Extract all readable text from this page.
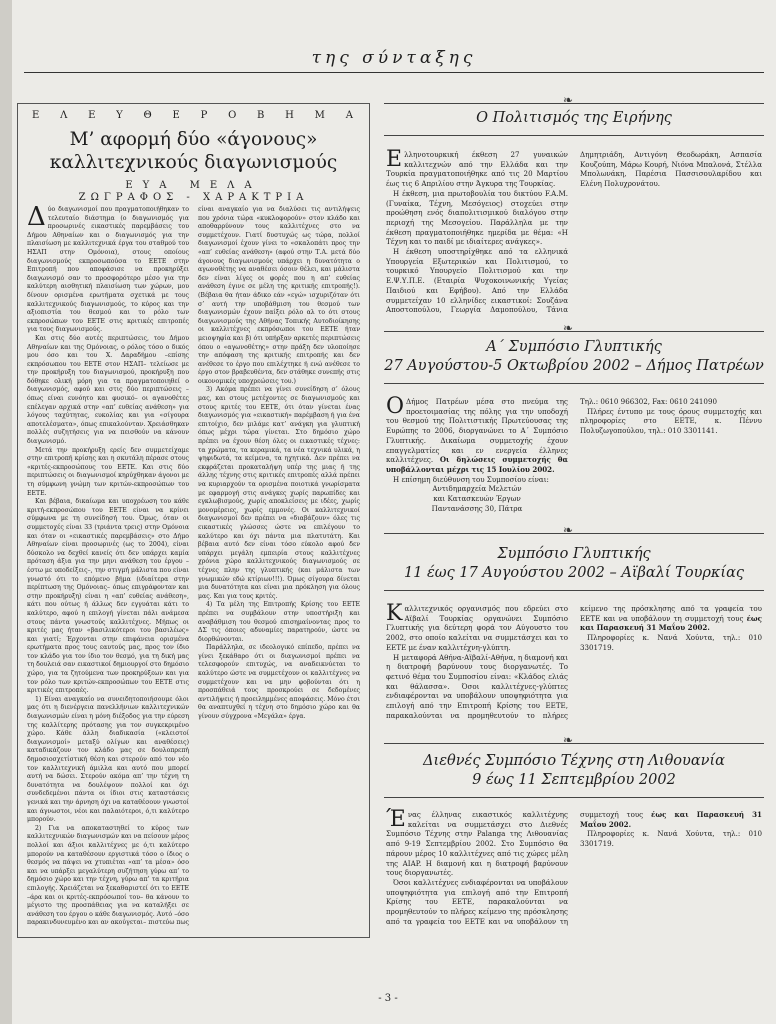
της σύνταξης
Ε Λ Ε Υ Θ Ε Ρ Ο Β Η Μ Α
Μ’ αφορμή δύο «άγονους»
καλλιτεχνικούς διαγωνισμούς
ΕΥΑ ΜΕΛΑ
ΖΩΓΡΑΦΟΣ - ΧΑΡΑΚΤΡΙΑ

Δύο διαγωνισμοί που πραγματοποιήθηκαν το τελευταίο διάστημα (ο διαγωνισμός για προσωρινές εικαστικές παρεμβάσεις του Δήμου Αθηναίων και ο διαγωνισμός για την πλαισίωση με καλλιτεχνικά έργα του σταθμού του ΗΣΑΠ στην Ομόνοια), στους οποίους διαγωνισμούς εκπροσωπούσα το ΕΕΤΕ στην Επιτροπή που αποφάσισε να προκηρύξει διαγωνισμό σαν το προσφορότερο μέσο για την καλύτερη αισθητική πλαισίωση των χώρων, μου δίνουν ορισμένα ερωτήματα σχετικά με τους καλλιτεχνικούς διαγωνισμούς, το κύρος και την αξιοπιστία του θεσμού και το ρόλο των εκπροσώπων του ΕΕΤΕ στις κριτικές επιτροπές για τους διαγωνισμούς.

Και στις δύο αυτές περιπτώσεις, του Δήμου Αθηναίων και της Ομόνοιας, ο ρόλος τόσο ο δικός μου όσο και του Χ. Δαραδήμου –επίσης εκπρόσωπου του ΕΕΤΕ στον ΗΣΑΠ– τελείωσε με την προκήρυξη του διαγωνισμού, προκήρυξη που δόθηκε ολική μόρη για τα πραγματοποιηθεί ο διαγωνισμός, αφού και στις δύο περιπτώσεις –όπως είναι ευνόητο και φυσικό– οι αγανοθέτες επέλεγαν αρχικά στην «απ’ ευθείας ανάθεση» για λόγους ταχύτητας, ευκολίας και για «σίγουρα αποτελέσματα», όπως επικαλούνταν. Χρειάσθηκαν πολλές συζητήσεις για να πεισθούν να κάνουν διαγωνισμό.

Μετά την προκήρυξη ερείς δεν συμμετείχαμε στην επιτροπή κρίσης και η σκυτάλη πέρασε στους «κριτές-εκπροσώπους του ΕΕΤΕ. Και στις δύο περιπτώσεις οι διαγωνισμοί κηρύχθηκαν άγονοι με τη σύμφωνη γνώμη των κριτών-εκπροσώπων του ΕΕΤΕ.

Και βέβαια, δικαίωμα και υποχρέωση του κάθε κριτή-εκπροσώπου του ΕΕΤΕ είναι να κρίνει σύμφωνα με τη συνείδησή του. Όμως, όταν οι συμμετοχές είναι 33 (τριάντα τρεις) στην Ομόνοια και όταν οι «εικαστικές παρεμβάσεις» στο Δήμο Αθηναίων είναι προσωρινές (ως το 2004), είναι δύσκολο να δεχθεί κανείς ότι δεν υπάρχει καμία πρόταση άξια για την μηνι ανάθεση του έργου –έστω με υποδείξεις–, την στιγμή μάλιστα που είναι γνωστό ότι το επόμενο βήμα (ιδιαίτερα στην περίπτωση της Ομόνοιας– όπως επιγράφονταν και στην προκήρυξη) είναι η «απ’ ευθείας ανάθεση», κάτι που ούτως ή άλλως δεν εγγυάται κάτι το καλύτερο, αφού η επιλογή γίνεται πάλι ανάμεσα στους πάντα γνωστούς καλλιτέχνες. Μήπως οι κριτές μας ήταν «βασιλικότεροι του βασιλέως» και γιατί; Έρχονται στην επιφάνεια ορισμένα ερωτήματα προς τους εαυτούς μας, προς τον ίδιο τον κλάδο για τον ίδιο τον θεσμό, για τη δική μας τη δουλειά σαν εικαστικοί δημιουργοί στο δημόσιο χώρο, για τα ζητούμενα των προκηρύξεων και για τον ρόλο των κριτών-εκπροσώπων του ΕΕΤΕ στις κριτικές επιτροπές.

1) Είναι αναγκαίο να συνειδητοποιήσουμε όλοι μας ότι η διενέργεια πανελλήνιων καλλιτεχνικών διαγωνισμών είναι η μόνη διέξοδος για την εύρεση της καλλίτερης πρότασης για τον συγκεκριμένο χώρο. Κάθε άλλη διαδικασία («κλειστοί διαγωνισμοί» μεταξύ ολίγων και αναθέσεις) καταδικάζουν τον κλάδο μας σε δουλοπρεπή δημοσιοσχετίστική θέση και στερούν από τον νέο τον καλλιτεχνική άμιλλα και αυτό που μπορεί αυτή να δώσει. Στερούν ακόμα απ’ την τέχνη τη δυνατότητα να δουλέψουν πολλοί και όχι συνδεδεμένοι πάντα οι ίδιοι στις καταστάσεις γενικά και την άρνηση όχι να καταθέσουν γνωστοί και άγνωστοι, νέοι και παλαιότεροι, ό,τι καλύτερο μπορούν.

2) Για να αποκαταστηθεί το κύρος των καλλιτεχνικών διαγωνισμών και να πείσουν μέρος πολλοί και άξιοι καλλιτέχνες με ό,τι καλύτερο μπορούν να καταθέσουν εργιστικά τόσο ο ίδιος ο θεσμός να πάψει να χτυπιέται «απ’ τα μέσα» όσο και να υπάρξει μεγαλύτερη συζήτηση γύρω απ’ το δημόσιο χώρο και την τέχνη, γύρω απ’ τα κριτήρια επιλογής. Χρειάζεται να ξεκαθαριστεί ότι το ΕΕΤΕ –άρα και οι κριτές-εκπρόσωποί του– θα κάνουν το μέγιστο της προσπάθειας για να καταλήξει σε ανάθεση του έργου ο κάθε διαγωνισμός. Αυτό –όσο παρακινδυνευμένο και αν ακούγεται– πιστεύω πως είναι αναγκαίο για να διαλύσει τις αντιλήψεις που χρόνια τώρα «κυκλοφορούν» στον κλάδο και αποθαρρύνουν τους καλλιτέχνες στο να συμμετέχουν. Γιατί δυστυχώς ως τώρα, πολλοί διαγωνισμοί έχουν γίνει το «σκαλοπάτι προς την «απ’ ευθείας ανάθεση» (αφού στην Τ.Α. μετά δύο άγονους διαγωνισμούς υπάρχει η δυνατότητα ο αγωνοθέτης να αναθέσει όσοιν θέλει, και μάλιστα δεν είναι λίγες οι φορές που η απ’ ευθείας ανάθεση έγινε σε μέλη της κριτικής επιτροπής!). (Βέβαια θα ήταν άδικο εάν «εγώ» ισχυριζόταν ότι σ’ αυτή την υποβάθμιση του θεσμού των διαγωνισμών έχουν παίξει ρόλο αλ το ότι στους διαγωνισμούς της Αθήνας Τοπικής Αυτοδιοίκησης οι καλλιτέχνες εκπρόσωποι του ΕΕΤΕ ήταν μειοψηφία και β) ότι υπήρξαν αρκετές περιπτώσεις όπου ο «αγωνοθέτης» στην πράξη δεν υλοποίησε την απόφαση της κριτικής επιτροπής και δεν ανέθεσε το έργο που επιλέχτηκε ή ενώ ανέθεσε το έργο στον βραβευθέντα, δεν στάθηκε συνεπής στις οικονομικές υποχρεώσεις του.)

3) Ακόμα πρέπει να γίνει συνείδηση σ’ όλους μας, και στους μετέχοντες σε διαγωνισμούς και στους κριτές του ΕΕΤΕ, ότι όταν γίνεται ένας διαγωνισμός για «εικαστική» παρέμβαση ή για ένα επιτοίχιο, δεν μιλάμε κατ’ ανάγκη για γλυπτική όπως μέχρι τώρα γίνεται. Στο δημόσιο χώρο πρέπει να έχουν θέση όλες οι εικαστικές τέχνες: τα χρώματα, τα κεραμικά, τα νέα τεχνικά υλικά, η ψηφιδωτά, τα κείμενα, τα ηχητικά. Δεν πρέπει να εκφράζεται προκαταλήψη υπέρ της μιας ή της άλλης τέχνης στις κριτικές επιτροπές αλλά πρέπει να κυριαρχούν τα ορισμένα ποιοτικά γνωρίσματα με εφαρμογή στις ανάγκες χωρίς παρωπίδες και εγκλωβισμούς, χωρίς αποκλείσεις με ιδέες, χωρίς μονομέρειες, χωρίς εμμονές. Οι καλλιτεχνικοί διαγωνισμοί δεν πρέπει να «διαβάζουν» όλες τις εικαστικές γλώσσες ώστε να επιλέγουν το καλύτερο και όχι πάντα μια πλατυτάτη. Και βέβαια αυτό δεν είναι τόσο εύκολο αφού δεν υπάρχει μεγάλη εμπειρία στους καλλιτέχνες χρόνια χώρο καλλιτεχνικούς διαγωνισμούς σε τέχνες πλην της γλυπτικής (και μάλιστα των γνωμικών εδώ κτίριων!!!). Όμως σίγουρα δίνεται μια δυνατότητα και είναι μια πρόκληση για όλους μας. Και για τους κριτές.

4) Τα μέλη της Επιτροπής Κρίσης του ΕΕΤΕ πρέπει να συμβάλουν στην υποστήριξη και αναβάθμιση του θεσμού επισημαίνοντας προς το ΔΣ τις όποιες αδυναμίες παρατηρούν, ώστε να διορθώνονται.

Παράλληλα, σε ιδεολογικό επίπεδο, πρέπει να γίνει ξεκάθαρο ότι οι διαγωνισμοί πρέπει να τελεσφορούν επιτυχώς, να αναδεικνύεται το καλύτερο ώστε να συμμετέχουν οι καλλιτέχνες να συμμετέχουν και να μην φοβούνται ότι η προσπάθειά τους προσκρούει σε δεδομένες αντιλήψεις ή προειλημμένες αποφάσεις. Μόνο έτσι θα αναπτυχθεί η τέχνη στο δημόσιο χώρο και θα γίνουν σύγχρονα «Μεγάλα» έργα.

❧
Ο Πολιτισμός της Ειρήνης

Ελληνοτουρκική έκθεση 27 γυναικών καλλιτεχνών από την Ελλάδα και την Τουρκία πραγματοποιήθηκε από τις 20 Μαρτίου έως τις 6 Απριλίου στην Άγκυρα της Τουρκίας.

Η έκθεση, μια πρωτοβουλία του δικτύου F.A.M. (Γυναίκα, Τέχνη, Μεσόγειος) στοχεύει στην προώθηση ενός διαπολιτισμικού διαλόγου στην περιοχή της Μεσογείου. Παράλληλα με την έκθεση πραγματοποιήθηκε ημερίδα με θέμα: «Η Τέχνη και το παιδί με ιδιαίτερες ανάγκες».

Η έκθεση υποστηρίχθηκε από τα ελληνικά Υπουργεία Εξωτερικών και Πολιτισμού, το τουρκικό Υπουργείο Πολιτισμού και την Ε.Ψ.Υ.Π.Ε. (Εταιρία Ψυχοκοινωνικής Υγείας Παιδιού και Εφήβου). Από την Ελλάδα συμμετείχαν 10 ελληνίδες εικαστικοί: Σουζάνα Αποστοπούλου, Γεωργία Δαμοπούλου, Τάνια Δημητριάδη, Αντιγόνη Θεοδωράκη, Ασπασία Κουζούπη, Μάρω Κουρή, Νιόνα Μπαλονά, Στέλλα Μπολωνάκη, Παρέσια Πασσισουλαρίδου και Ελένη Πολυχρονάτου.

❧
Α΄ Συμπόσιο Γλυπτικής
27 Αυγούστου-5 Οκτωβρίου 2002 – Δήμος Πατρέων

Ο Δήμος Πατρέων μέσα στο πνεύμα της προετοιμασίας της πόλης για την υποδοχή του θεσμού της Πολιτιστικής Πρωτεύουσας της Ευρώπης το 2006, διοργανώνει το Α΄ Συμπόσιο Γλυπτικής. Δικαίωμα συμμετοχής έχουν επαγγελματίες και εν ενεργεία έλληνες καλλιτέχνες. Οι δηλώσεις συμμετοχής θα υποβάλλονται μέχρι τις 15 Ιουλίου 2002.

Η επίσημη διεύθυνση του Συμποσίου είναι:

Αντιδημαρχεία Μελετών

και Κατασκευών Έργων

Παντανάσσης 30, Πάτρα

Τηλ.: 0610 966302, Fax: 0610 241090

Πλήρες έντυπο με τους όρους συμμετοχής και πληροφορίες στο ΕΕΤΕ, κ. Πέννυ Πολυζωγοπούλου, τηλ.: 010 3301141.

❧
Συμπόσιο Γλυπτικής
11 έως 17 Αυγούστου 2002 – Αϊβαλί Τουρκίας

Καλλιτεχνικός οργανισμός που εδρεύει στο Αϊβαλί Τουρκίας οργανώνει Συμπόσιο Γλυπτικής για δεύτερη φορά τον Αύγουστο του 2002, στο οποίο καλείται να συμμετάσχει και το ΕΕΤΕ με έναν καλλιτέχνη-γλύπτη.

Η μεταφορά Αθήνα-Αϊβαλί-Αθήνα, η διαμονή και η διατροφή βαρύνουν τους διοργανωτές. Το φετινό θέμα του Συμποσίου είναι: «Κλάδος ελιάς και θάλασσα». Όσοι καλλιτέχνες-γλύπτες ενδιαφέρονται να υποβάλουν υποψηφιότητα για επιλογή από την Επιτροπή Κρίσης του ΕΕΤΕ, παρακαλούνται να προμηθευτούν το πλήρες κείμενο της πρόσκλησης από τα γραφεία του ΕΕΤΕ και να υποβάλουν τη συμμετοχή τους έως και Παρασκευή 31 Μαΐου 2002.

Πληροφορίες κ. Νανά Χούντα, τηλ.: 010 3301719.

❧
Διεθνές Συμπόσιο Τέχνης στη Λιθουανία
9 έως 11 Σεπτεμβρίου 2002

Ένας έλληνας εικαστικός καλλιτέχνης καλείται να συμμετάσχει στο Διεθνές Συμπόσιο Τέχνης στην Palanga της Λιθουανίας από 9-19 Σεπτεμβρίου 2002. Στο Συμπόσιο θα πάρουν μέρος 10 καλλιτέχνες από τις χώρες μέλη της AIAP. Η διαμονή και η διατροφή βαρύνουν τους διοργανωτές.

Όσοι καλλιτέχνες ενδιαφέρονται να υποβάλουν υποψηφιότητα για επιλογή από την Επιτροπή Κρίσης του ΕΕΤΕ, παρακαλούνται να προμηθευτούν το πλήρες κείμενο της πρόσκλησης από τα γραφεία του ΕΕΤΕ και να υποβάλουν τη συμμετοχή τους έως και Παρασκευή 31 Μαΐου 2002.

Πληροφορίες κ. Νανά Χούντα, τηλ.: 010 3301719.

- 3 -
